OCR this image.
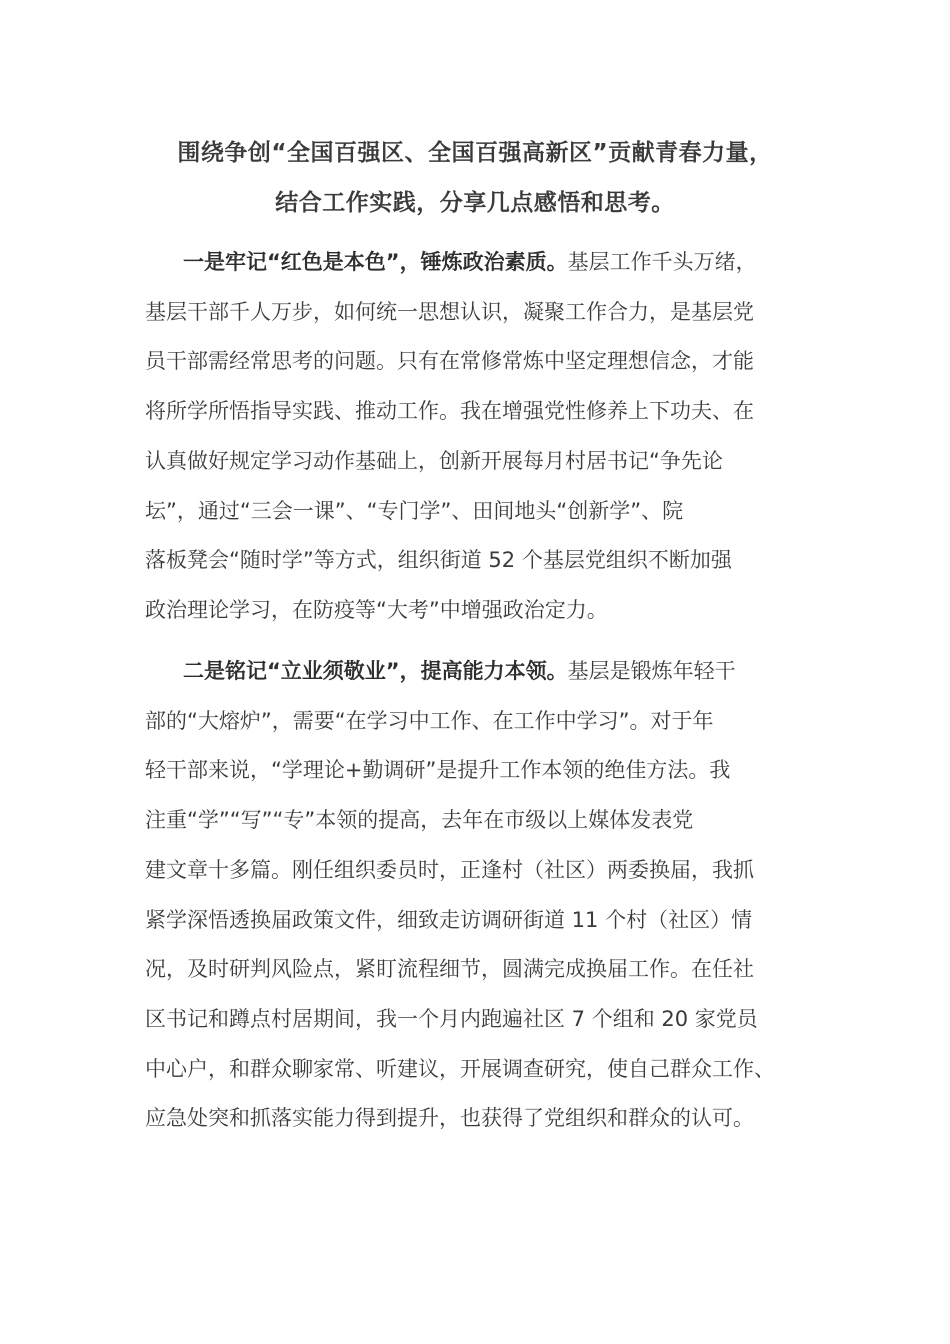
围绕争创“全国百强区、全国百强高新区”贡献青春力量，
结合工作实践，分享几点感悟和思考。
一是牢记“红色是本色”，锤炼政治素质。基层工作千头万绪，
基层干部千人万步，如何统一思想认识，凝聚工作合力，是基层党
员干部需经常思考的问题。只有在常修常炼中坚定理想信念，才能
将所学所悟指导实践、推动工作。我在增强党性修养上下功夫、在
认真做好规定学习动作基础上，创新开展每月村居书记“争先论
坛”，通过“三会一课”、“专门学”、田间地头“创新学”、院
落板凳会“随时学”等方式，组织街道 52 个基层党组织不断加强
政治理论学习，在防疫等“大考”中增强政治定力。
二是铭记“立业须敬业”，提高能力本领。基层是锻炼年轻干
部的“大熔炉”，需要“在学习中工作、在工作中学习”。对于年
轻干部来说，“学理论+勤调研”是提升工作本领的绝佳方法。我
注重“学”“写”“专”本领的提高，去年在市级以上媒体发表党
建文章十多篇。刚任组织委员时，正逢村（社区）两委换届，我抓
紧学深悟透换届政策文件，细致走访调研街道 11 个村（社区）情
况，及时研判风险点，紧盯流程细节，圆满完成换届工作。在任社
区书记和蹲点村居期间，我一个月内跑遍社区 7 个组和 20 家党员
中心户，和群众聊家常、听建议，开展调查研究，使自己群众工作、
应急处突和抓落实能力得到提升，也获得了党组织和群众的认可。
